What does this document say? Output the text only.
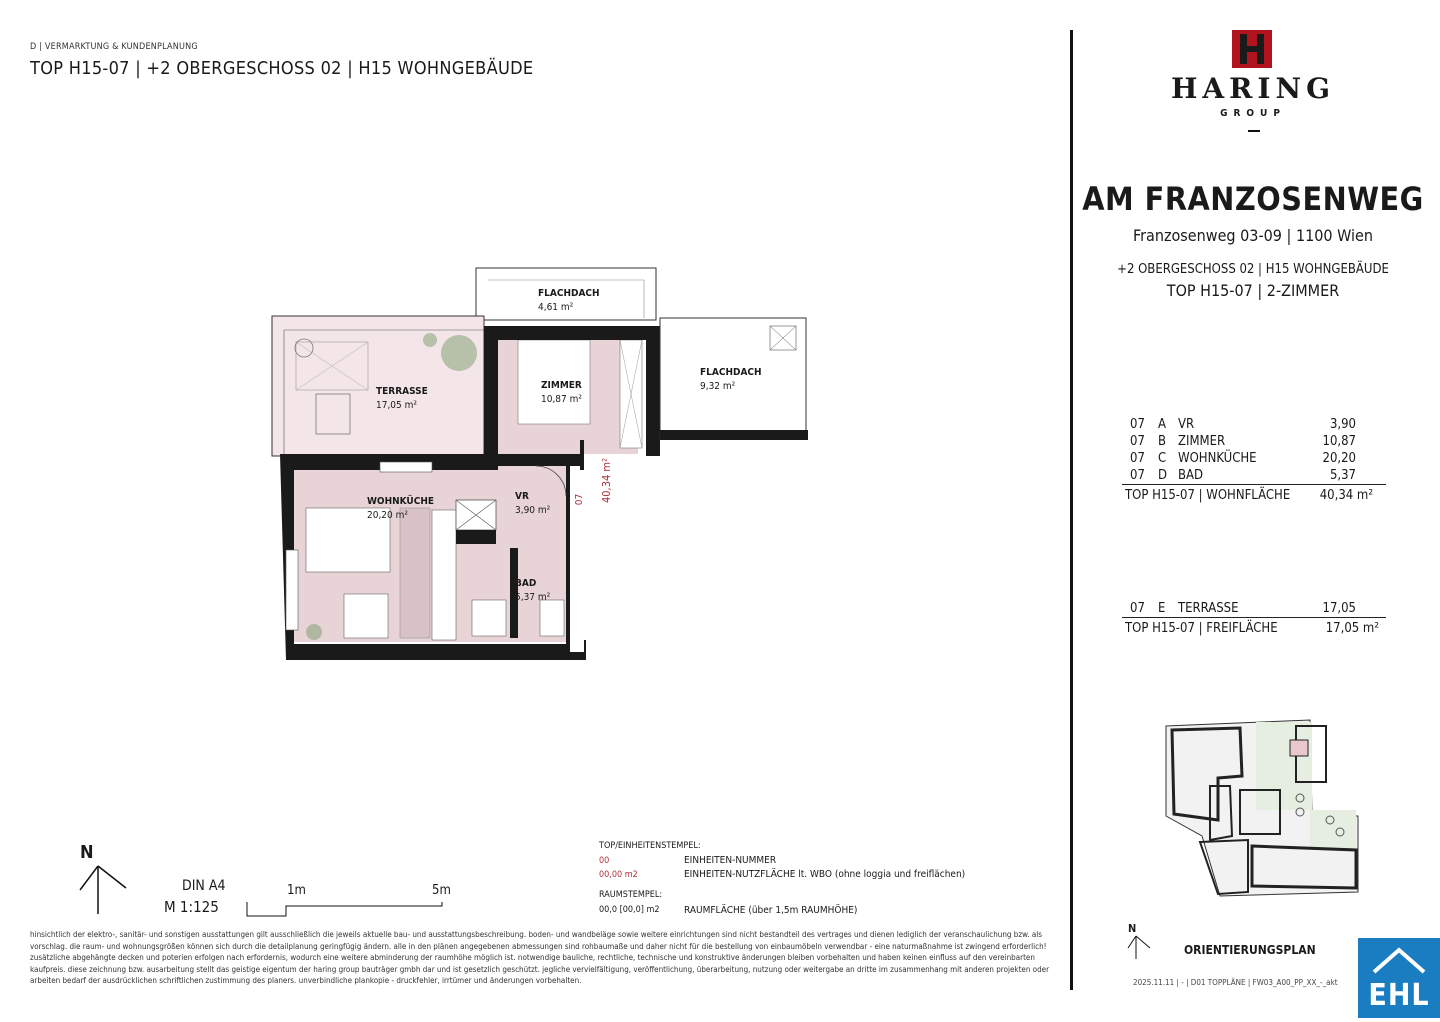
D | VERMARKTUNG & KUNDENPLANUNG
TOP H15-07 | +2 OBERGESCHOSS 02 | H15 WOHNGEBÄUDE
FLACHDACH
4,61 m²
FLACHDACH
9,32 m²
TERRASSE
17,05 m²
ZIMMER
10,87 m²
WOHNKÜCHE
20,20 m²
VR
3,90 m²
BAD
5,37 m²
07 40,34 m²
N
DIN A4
M 1:125
1m	5m
TOP/EINHEITENSTEMPEL:
00	EINHEITEN-NUMMER
00,00 m2	EINHEITEN-NUTZFLÄCHE lt. WBO (ohne loggia und freiflächen)
RAUMSTEMPEL:
00,0 [00,0] m2 RAUMFLÄCHE (über 1,5m RAUMHÖHE)
hinsichtlich der elektro-, sanitär- und sonstigen ausstattungen gilt ausschließlich die jeweils aktuelle bau- und ausstattungsbeschreibung. boden- und wandbeläge sowie weitere einrichtungen sind nicht bestandteil des vertrages und dienen lediglich der veranschaulichung bzw. als vorschlag. die raum- und wohnungsgrößen können sich durch die detailplanung geringfügig ändern. alle in den plänen angegebenen abmessungen sind rohbaumaße und daher nicht für die bestellung von einbaumöbeln verwendbar - eine naturmaßnahme ist zwingend erforderlich! zusätzliche abgehängte decken und poterien erfolgen nach erfordernis, wodurch eine weitere abminderung der raumhöhe möglich ist. notwendige bauliche, rechtliche, technische und konstruktive änderungen bleiben vorbehalten und haben keinen einfluss auf den vereinbarten kaufpreis. diese zeichnung bzw. ausarbeitung stellt das geistige eigentum der haring group bauträger gmbh dar und ist gesetzlich geschützt. jegliche vervielfältigung, veröffentlichung, überarbeitung, nutzung oder weitergabe an dritte im zusammenhang mit anderen projekten oder arbeiten bedarf der ausdrücklichen schriftlichen zustimmung des planers. unverbindliche plankopie - druckfehler, irrtümer und änderungen vorbehalten.
HARING
GROUP
AM FRANZOSENWEG
Franzosenweg 03-09 | 1100 Wien
+2 OBERGESCHOSS 02 | H15 WOHNGEBÄUDE
TOP H15-07 | 2-ZIMMER
07	A	VR	3,90
07	B	ZIMMER	10,87
07	C	WOHNKÜCHE	20,20
07	D	BAD	5,37
TOP H15-07 | WOHNFLÄCHE 40,34 m²
07	E	TERRASSE	17,05
TOP H15-07 | FREIFLÄCHE	17,05 m²
N
ORIENTIERUNGSPLAN
EHL
2025.11.11 | - | D01 TOPPLÄNE | FW03_A00_PP_XX_-_akt
